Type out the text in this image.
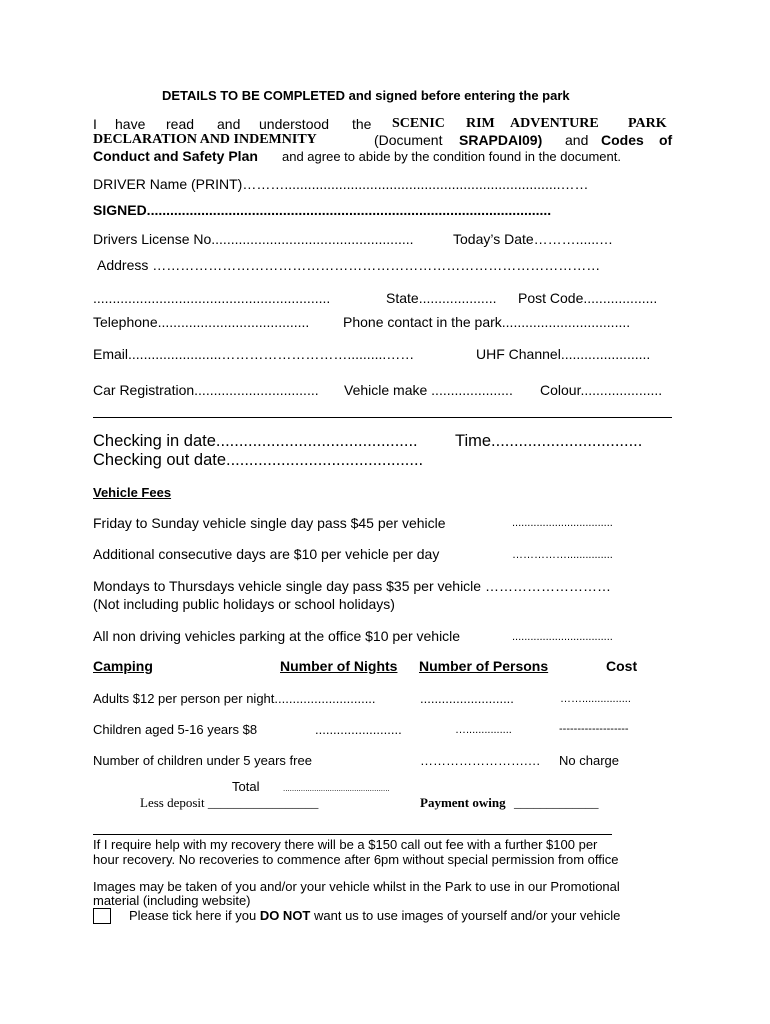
DETAILS TO BE COMPLETED and signed before entering the park
I have read and understood the SCENIC RIM ADVENTURE PARK
DECLARATION AND INDEMNITY	(Document SRAPDAI09) and Codes of
Conduct and Safety Plan and agree to abide by the condition found in the document.
DRIVER Name (PRINT)……….......................................................................……
SIGNED........................................................................................................
Drivers License No....................................................	Today’s Date………......…
Address ……………………………………………………………………………………
.............................................................	State.................... Post Code...................
Telephone....................................... Phone contact in the park.................................
Email........................………………………..........……	UHF Channel.......................
Car Registration................................ Vehicle make ..................... Colour.....................
Checking in date............................................ Time.................................
Checking out date...........................................
Vehicle Fees
Friday to Sunday vehicle single day pass $45 per vehicle	.................................
Additional consecutive days are $10 per vehicle per day	……………...............
Mondays to Thursdays vehicle single day pass $35 per vehicle ………………………
(Not including public holidays or school holidays)
All non driving vehicles parking at the office $10 per vehicle	.................................
Camping	Number of Nights Number of Persons	Cost
Adults $12 per person per night............................	..........................	……................
Children aged 5-16 years $8	........................	…...............	-------------------
Number of children under 5 years free	…………………….… No charge
Total	................................................
Less deposit _________________	Payment owing _____________
If I require help with my recovery there will be a $150 call out fee with a further $100 per
hour recovery. No recoveries to commence after 6pm without special permission from office
Images may be taken of you and/or your vehicle whilst in the Park to use in our Promotional
material (including website)
Please tick here if you DO NOT want us to use images of yourself and/or your vehicle
